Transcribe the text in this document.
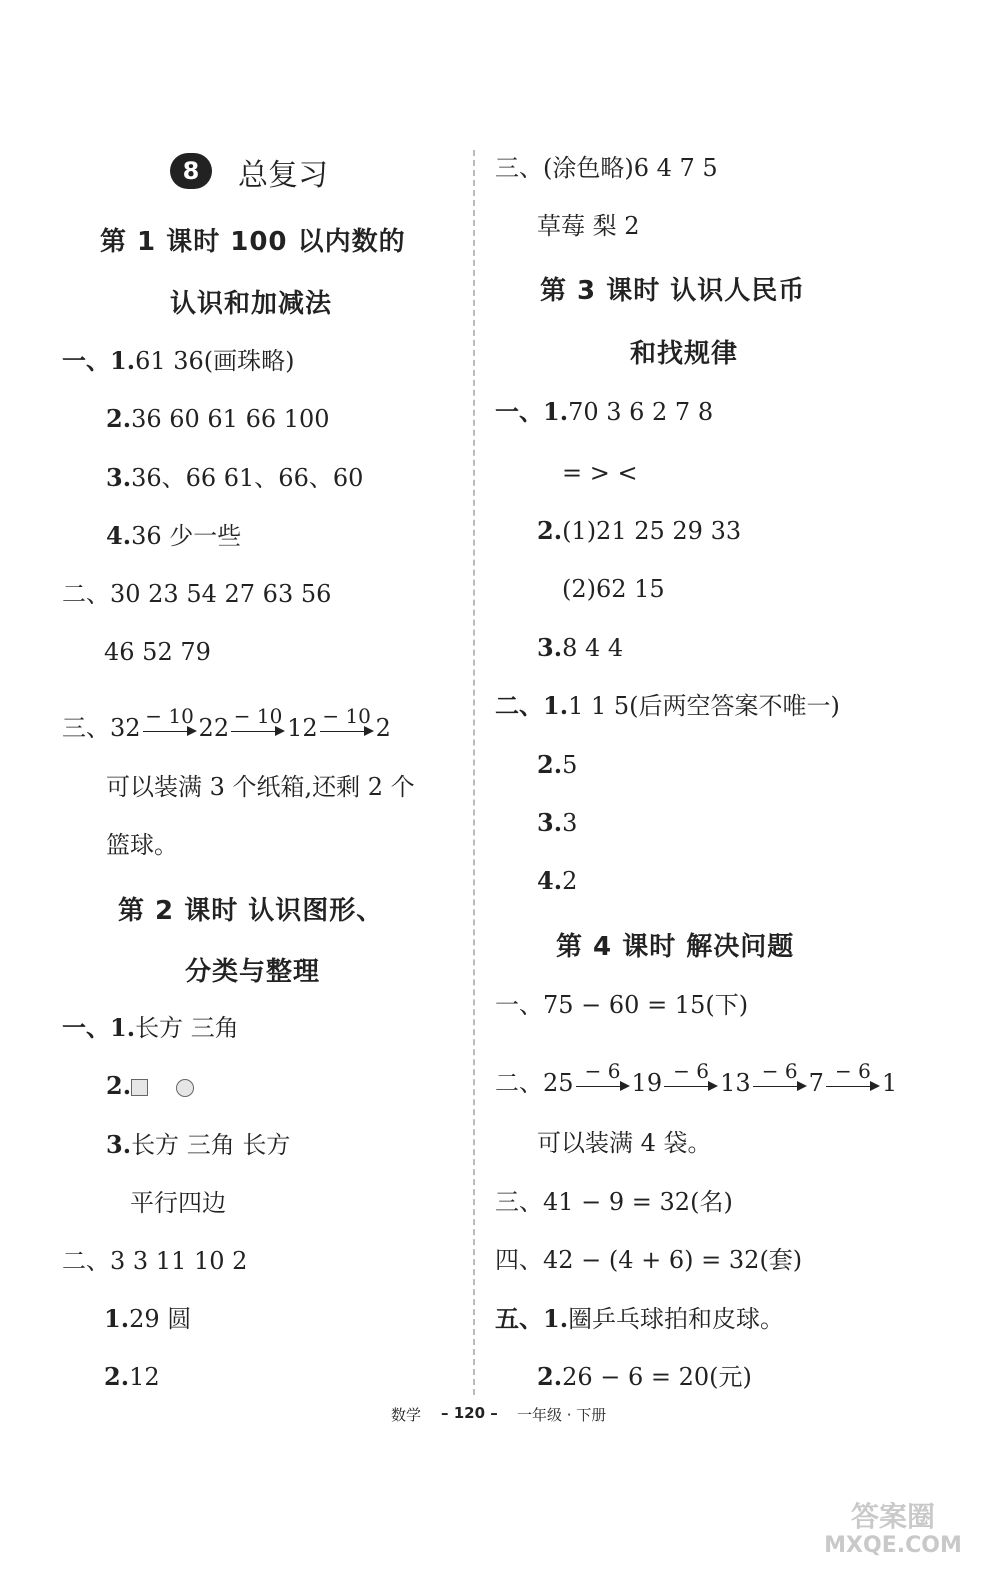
8	总复习
第 1 课时 100 以内数的
认识和加减法
一、1.61 36(画珠略)
2.36 60 61 66 100
3.36、66 61、66、60
4.36 少一些
二、30 23 54 27 63 56
46 52 79
三、32 − 10 22 − 10 12 − 10 2
可以装满 3 个纸箱,还剩 2 个
篮球。
第 2 课时 认识图形、
分类与整理
一、1.长方 三角
2.
3.长方 三角 长方
平行四边
二、3 3 11 10 2
1.29 圆
2.12
三、(涂色略)6 4 7 5
草莓 梨 2
第 3 课时 认识人民币
和找规律
一、1.70 3 6 2 7 8
= > <
2.(1)21 25 29 33
(2)62 15
3.8 4 4
二、1.1 1 5(后两空答案不唯一)
2.5
3.3
4.2
第 4 课时 解决问题
一、75 − 60 = 15(下)
二、25 − 6 19 − 6 13 − 6 7 − 6 1
可以装满 4 袋。
三、41 − 9 = 32(名)
四、42 − (4 + 6) = 32(套)
五、1.圈乒乓球拍和皮球。
2.26 − 6 = 20(元)
数学 – 120 – 一年级 · 下册
答案圈
MXQE.COM
